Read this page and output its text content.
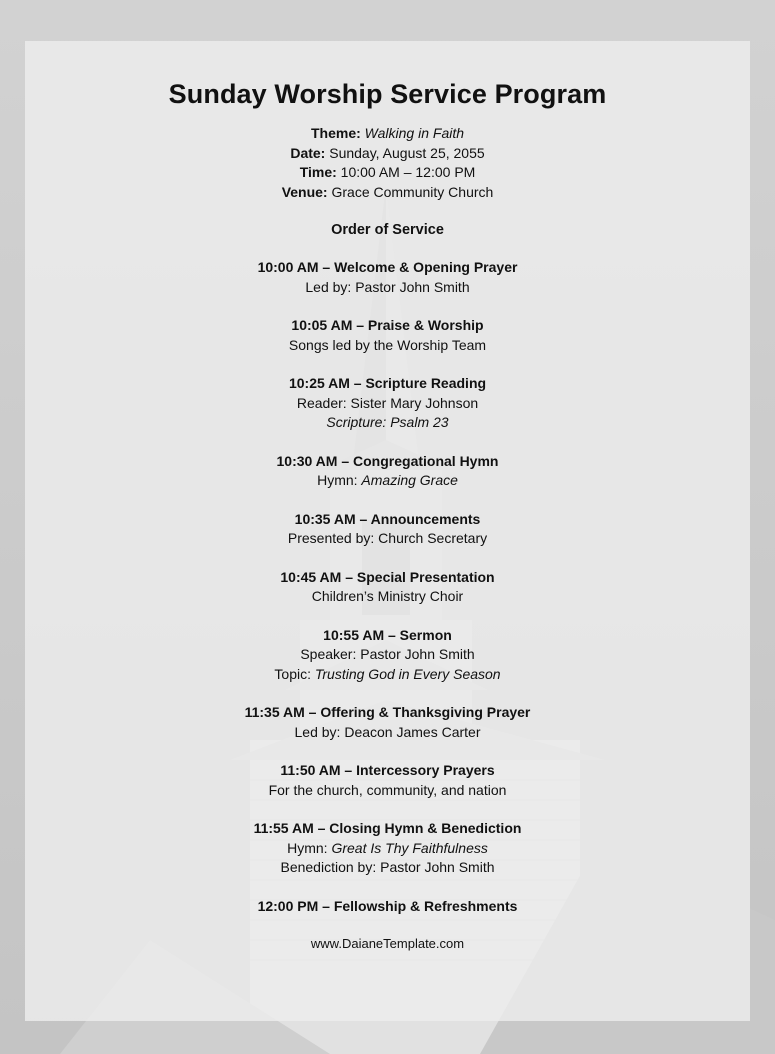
Sunday Worship Service Program
Theme: Walking in Faith
Date: Sunday, August 25, 2055
Time: 10:00 AM – 12:00 PM
Venue: Grace Community Church
Order of Service
10:00 AM – Welcome & Opening Prayer
Led by: Pastor John Smith
10:05 AM – Praise & Worship
Songs led by the Worship Team
10:25 AM – Scripture Reading
Reader: Sister Mary Johnson
Scripture: Psalm 23
10:30 AM – Congregational Hymn
Hymn: Amazing Grace
10:35 AM – Announcements
Presented by: Church Secretary
10:45 AM – Special Presentation
Children’s Ministry Choir
10:55 AM – Sermon
Speaker: Pastor John Smith
Topic: Trusting God in Every Season
11:35 AM – Offering & Thanksgiving Prayer
Led by: Deacon James Carter
11:50 AM – Intercessory Prayers
For the church, community, and nation
11:55 AM – Closing Hymn & Benediction
Hymn: Great Is Thy Faithfulness
Benediction by: Pastor John Smith
12:00 PM – Fellowship & Refreshments
www.DaianeTemplate.com
